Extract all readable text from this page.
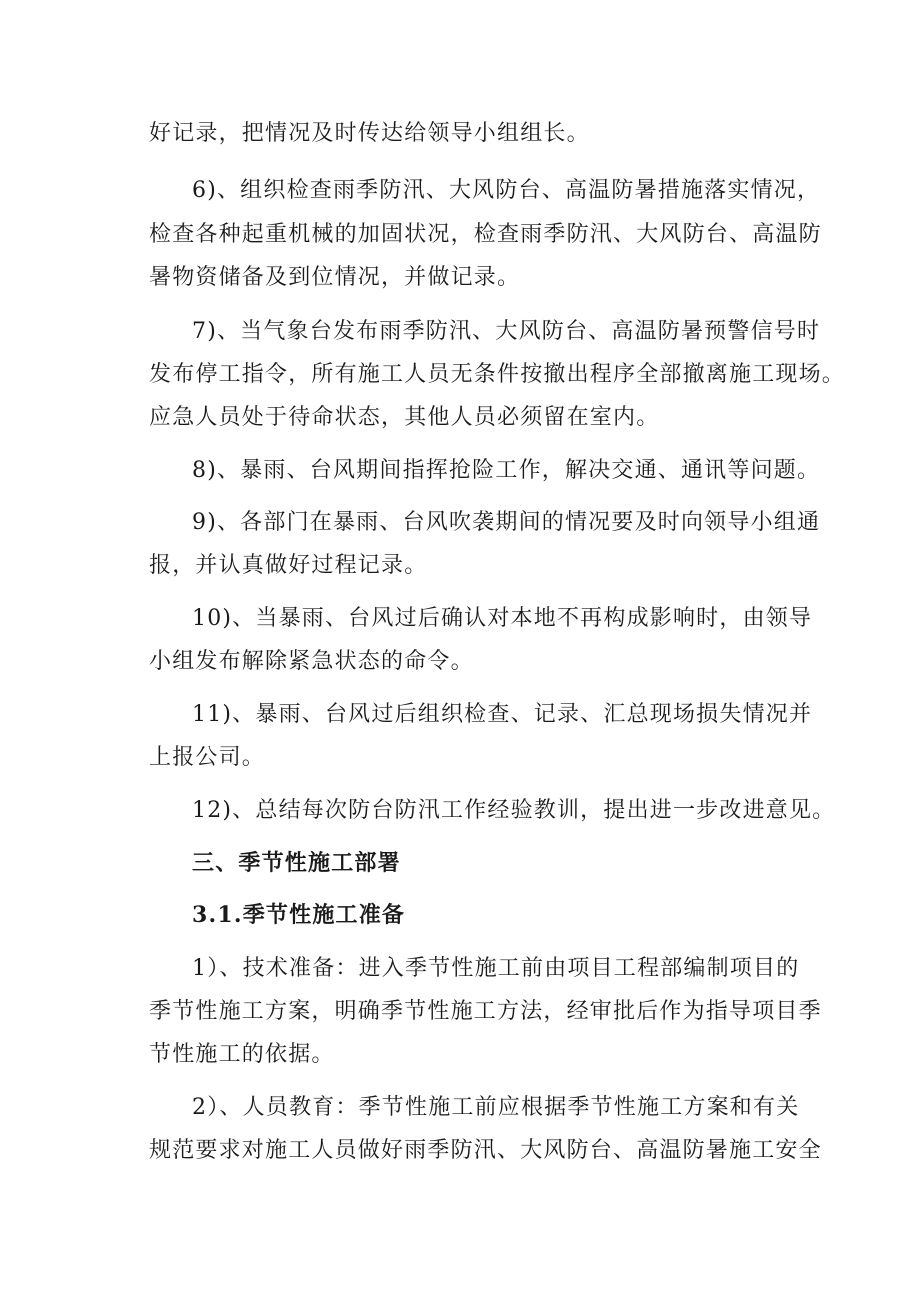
好记录，把情况及时传达给领导小组组长。
6)、组织检查雨季防汛、大风防台、高温防暑措施落实情况，
检查各种起重机械的加固状况，检查雨季防汛、大风防台、高温防
暑物资储备及到位情况，并做记录。
7)、当气象台发布雨季防汛、大风防台、高温防暑预警信号时
发布停工指令，所有施工人员无条件按撤出程序全部撤离施工现场。
应急人员处于待命状态，其他人员必须留在室内。
8)、暴雨、台风期间指挥抢险工作，解决交通、通讯等问题。
9)、各部门在暴雨、台风吹袭期间的情况要及时向领导小组通
报，并认真做好过程记录。
10)、当暴雨、台风过后确认对本地不再构成影响时，由领导
小组发布解除紧急状态的命令。
11)、暴雨、台风过后组织检查、记录、汇总现场损失情况并
上报公司。
12)、总结每次防台防汛工作经验教训，提出进一步改进意见。
三、季节性施工部署
3.1.季节性施工准备
1）、技术准备：进入季节性施工前由项目工程部编制项目的
季节性施工方案，明确季节性施工方法，经审批后作为指导项目季
节性施工的依据。
2）、人员教育：季节性施工前应根据季节性施工方案和有关
规范要求对施工人员做好雨季防汛、大风防台、高温防暑施工安全
